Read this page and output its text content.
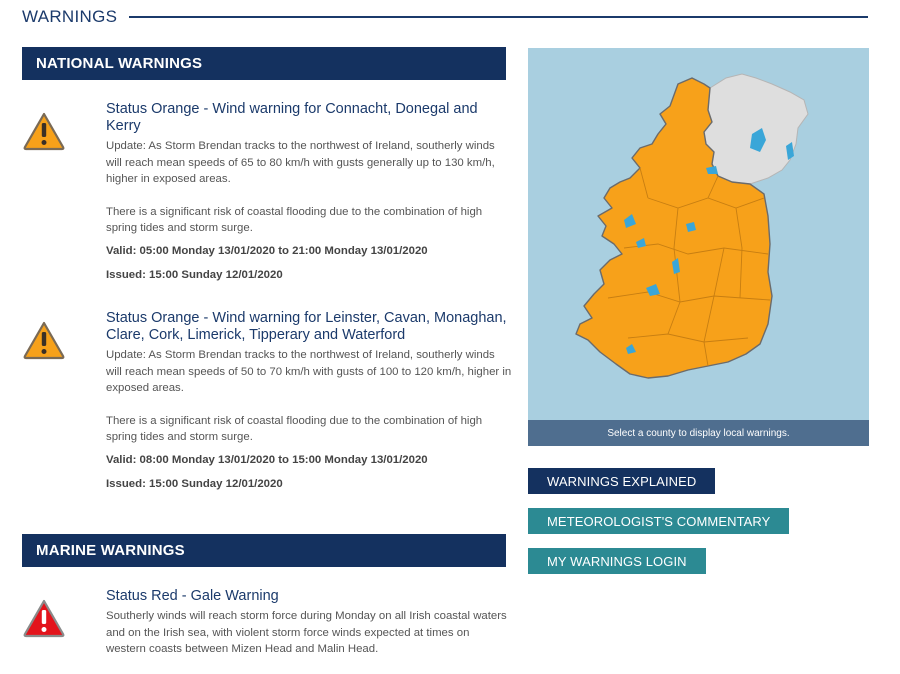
WARNINGS
NATIONAL WARNINGS
Status Orange - Wind warning for Connacht, Donegal and Kerry
Update: As Storm Brendan tracks to the northwest of Ireland, southerly winds will reach mean speeds of 65 to 80 km/h with gusts generally up to 130 km/h, higher in exposed areas.
There is a significant risk of coastal flooding due to the combination of high spring tides and storm surge.
Valid: 05:00 Monday 13/01/2020 to 21:00 Monday 13/01/2020
Issued: 15:00 Sunday 12/01/2020
Status Orange - Wind warning for Leinster, Cavan, Monaghan, Clare, Cork, Limerick, Tipperary and Waterford
Update: As Storm Brendan tracks to the northwest of Ireland, southerly winds will reach mean speeds of 50 to 70 km/h with gusts of 100 to 120 km/h, higher in exposed areas.
There is a significant risk of coastal flooding due to the combination of high spring tides and storm surge.
Valid: 08:00 Monday 13/01/2020 to 15:00 Monday 13/01/2020
Issued: 15:00 Sunday 12/01/2020
MARINE WARNINGS
Status Red - Gale Warning
Southerly winds will reach storm force during Monday on all Irish coastal waters and on the Irish sea, with violent storm force winds expected at times on western coasts between Mizen Head and Malin Head.
Select a county to display local warnings.
WARNINGS EXPLAINED
METEOROLOGIST'S COMMENTARY
MY WARNINGS LOGIN
